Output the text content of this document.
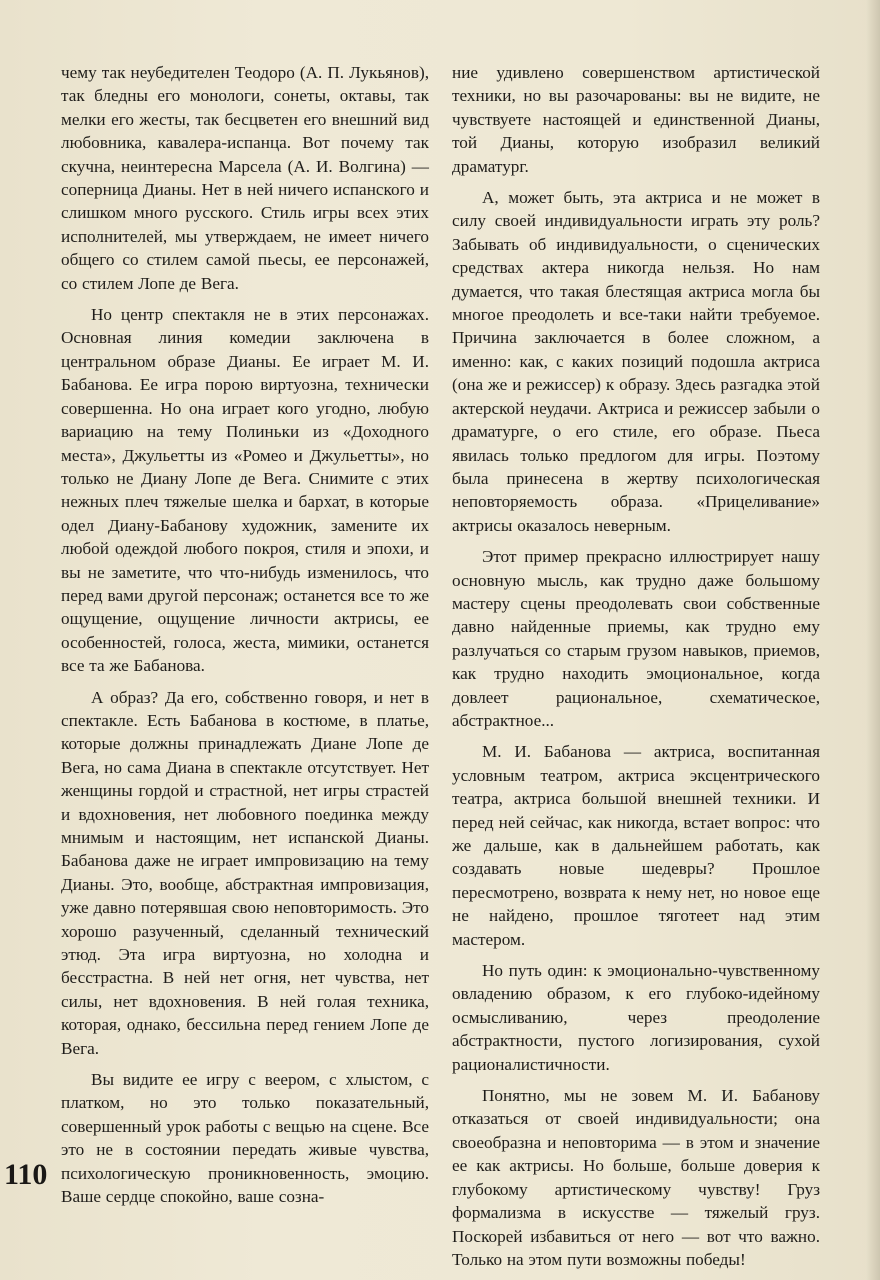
чему так неубедителен Теодоро (А. П. Лукьянов), так бледны его монологи, сонеты, октавы, так мелки его жесты, так бесцветен его внешний вид любовника, кавалера-испанца. Вот почему так скучна, неинтересна Марсела (А. И. Волгина) — соперница Дианы. Нет в ней ничего испанского и слишком много русского. Стиль игры всех этих исполнителей, мы утверждаем, не имеет ничего общего со стилем самой пьесы, ее персонажей, со стилем Лопе де Вега.

Но центр спектакля не в этих персонажах. Основная линия комедии заключена в центральном образе Дианы. Ее играет М. И. Бабанова. Ее игра порою виртуозна, технически совершенна. Но она играет кого угодно, любую вариацию на тему Полиньки из «Доходного места», Джульетты из «Ромео и Джульетты», но только не Диану Лопе де Вега. Снимите с этих нежных плеч тяжелые шелка и бархат, в которые одел Диану-Бабанову художник, замените их любой одеждой любого покроя, стиля и эпохи, и вы не заметите, что что-нибудь изменилось, что перед вами другой персонаж; останется все то же ощущение, ощущение личности актрисы, ее особенностей, голоса, жеста, мимики, останется все та же Бабанова.

А образ? Да его, собственно говоря, и нет в спектакле. Есть Бабанова в костюме, в платье, которые должны принадлежать Диане Лопе де Вега, но сама Диана в спектакле отсутствует. Нет женщины гордой и страстной, нет игры страстей и вдохновения, нет любовного поединка между мнимым и настоящим, нет испанской Дианы. Бабанова даже не играет импровизацию на тему Дианы. Это, вообще, абстрактная импровизация, уже давно потерявшая свою неповторимость. Это хорошо разученный, сделанный технический этюд. Эта игра виртуозна, но холодна и бесстрастна. В ней нет огня, нет чувства, нет силы, нет вдохновения. В ней голая техника, которая, однако, бессильна перед гением Лопе де Вега.

Вы видите ее игру с веером, с хлыстом, с платком, но это только показательный, совершенный урок работы с вещью на сцене. Все это не в состоянии передать живые чувства, психологическую проникновенность, эмоцию. Ваше сердце спокойно, ваше созна-

ние удивлено совершенством артистической техники, но вы разочарованы: вы не видите, не чувствуете настоящей и единственной Дианы, той Дианы, которую изобразил великий драматург.

А, может быть, эта актриса и не может в силу своей индивидуальности играть эту роль? Забывать об индивидуальности, о сценических средствах актера никогда нельзя. Но нам думается, что такая блестящая актриса могла бы многое преодолеть и все-таки найти требуемое. Причина заключается в более сложном, а именно: как, с каких позиций подошла актриса (она же и режиссер) к образу. Здесь разгадка этой актерской неудачи. Актриса и режиссер забыли о драматурге, о его стиле, его образе. Пьеса явилась только предлогом для игры. Поэтому была принесена в жертву психологическая неповторяемость образа. «Прицеливание» актрисы оказалось неверным.

Этот пример прекрасно иллюстрирует нашу основную мысль, как трудно даже большому мастеру сцены преодолевать свои собственные давно найденные приемы, как трудно ему разлучаться со старым грузом навыков, приемов, как трудно находить эмоциональное, когда довлеет рациональное, схематическое, абстрактное...

М. И. Бабанова — актриса, воспитанная условным театром, актриса эксцентрического театра, актриса большой внешней техники. И перед ней сейчас, как никогда, встает вопрос: что же дальше, как в дальнейшем работать, как создавать новые шедевры? Прошлое пересмотрено, возврата к нему нет, но новое еще не найдено, прошлое тяготеет над этим мастером.

Но путь один: к эмоционально-чувственному овладению образом, к его глубоко-идейному осмысливанию, через преодоление абстрактности, пустого логизирования, сухой рационалистичности.

Понятно, мы не зовем М. И. Бабанову отказаться от своей индивидуальности; она своеобразна и неповторима — в этом и значение ее как актрисы. Но больше, больше доверия к глубокому артистическому чувству! Груз формализма в искусстве — тяжелый груз. Поскорей избавиться от него — вот что важно. Только на этом пути возможны победы!

110
